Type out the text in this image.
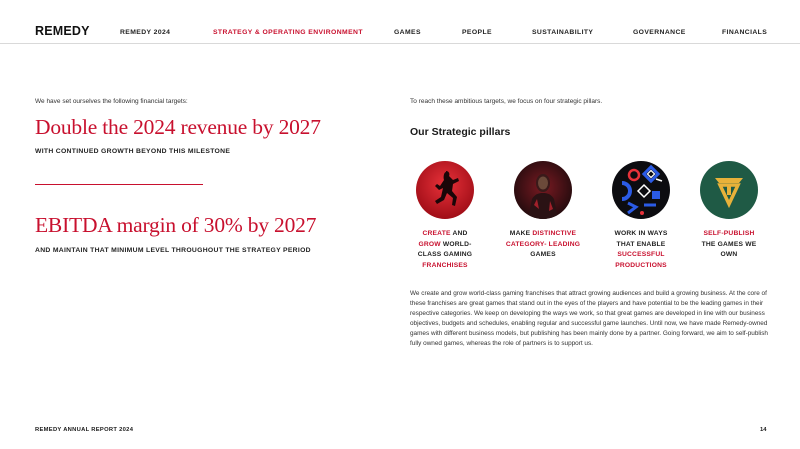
REMEDY	REMEDY 2024	STRATEGY & OPERATING ENVIRONMENT	GAMES	PEOPLE	SUSTAINABILITY	GOVERNANCE	FINANCIALS
We have set ourselves the following financial targets:
Double the 2024 revenue by 2027
WITH CONTINUED GROWTH BEYOND THIS MILESTONE
EBITDA margin of 30% by 2027
AND MAINTAIN THAT MINIMUM LEVEL THROUGHOUT THE STRATEGY PERIOD
To reach these ambitious targets, we focus on four strategic pillars.
Our Strategic pillars
CREATE AND
GROW WORLD-
CLASS GAMING
FRANCHISES
MAKE DISTINCTIVE
CATEGORY- LEADING
GAMES
WORK IN WAYS
THAT ENABLE
SUCCESSFUL
PRODUCTIONS
SELF-PUBLISH
THE GAMES WE
OWN
We create and grow world-class gaming franchises that attract growing audiences and build a growing business. At the core of these franchises are great games that stand out in the eyes of the players and have potential to be the leading games in their respective categories. We keep on developing the ways we work, so that great games are developed in line with our business objectives, budgets and schedules, enabling regular and successful game launches. Until now, we have made Remedy-owned games with different business models, but publishing has been mainly done by a partner. Going forward, we aim to self-publish fully owned games, whereas the role of partners is to support us.
REMEDY ANNUAL REPORT 2024	14
